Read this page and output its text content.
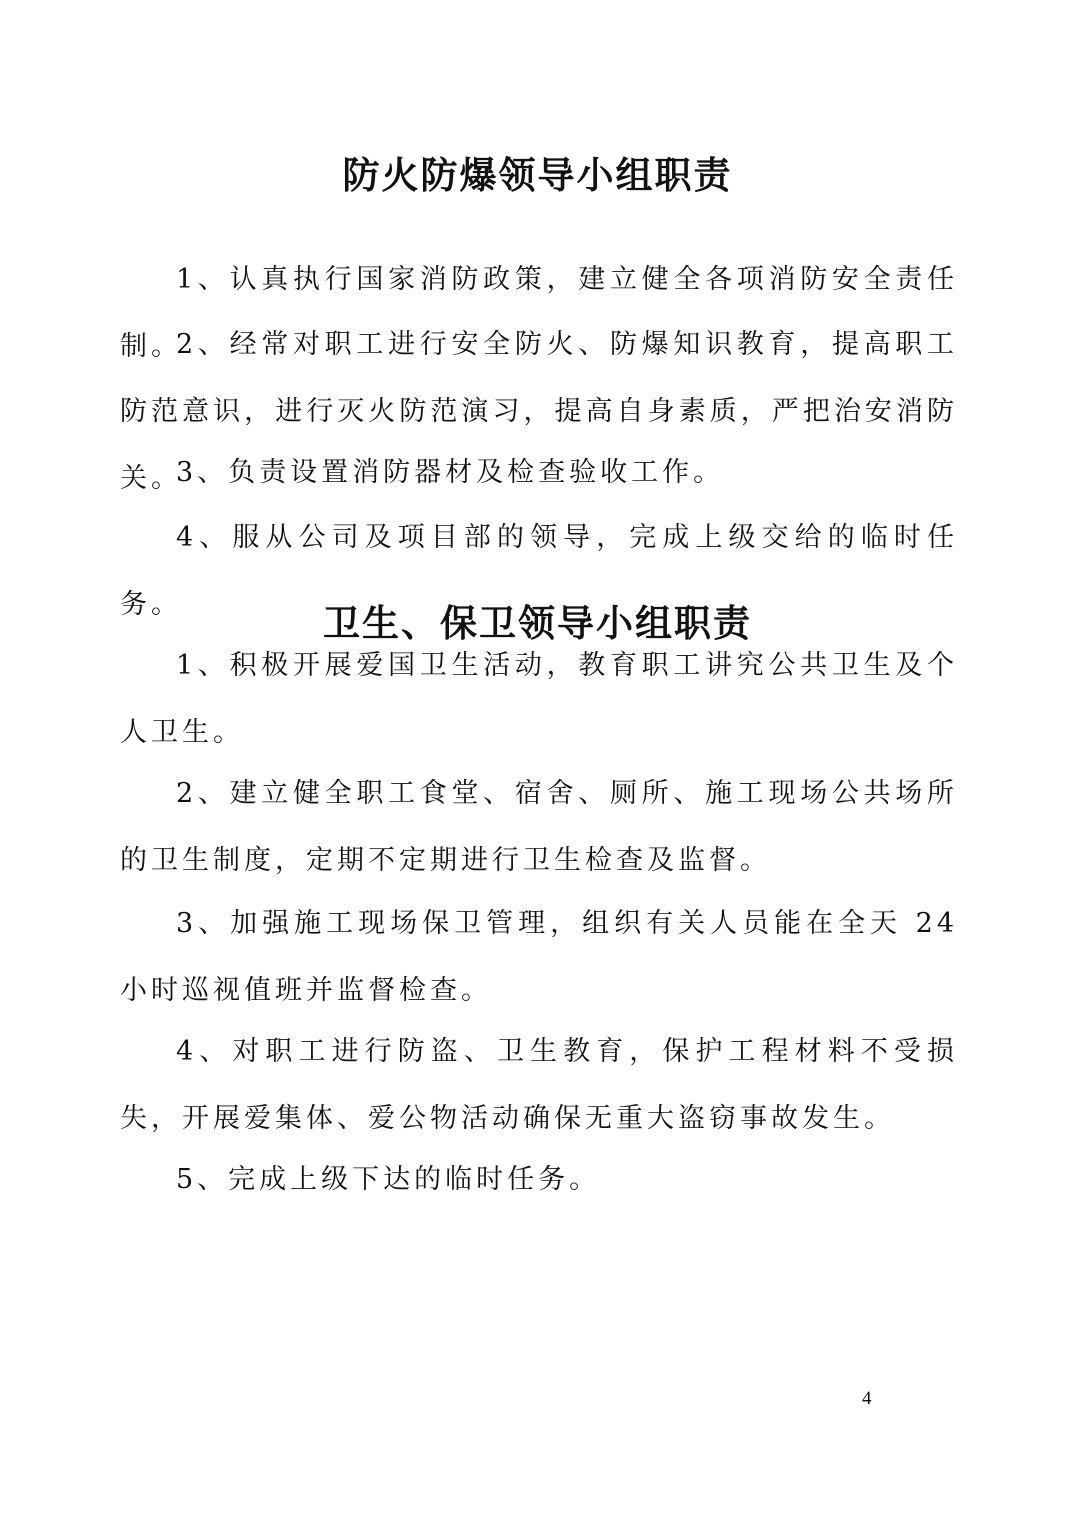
防火防爆领导小组职责

1、认真执行国家消防政策，建立健全各项消防安全责任制。

2、经常对职工进行安全防火、防爆知识教育，提高职工防范意识，进行灭火防范演习，提高自身素质，严把治安消防关。

3、负责设置消防器材及检查验收工作。

4、服从公司及项目部的领导，完成上级交给的临时任务。	卫生、保卫领导小组职责

1、积极开展爱国卫生活动，教育职工讲究公共卫生及个人卫生。

2、建立健全职工食堂、宿舍、厕所、施工现场公共场所的卫生制度，定期不定期进行卫生检查及监督。

3、加强施工现场保卫管理，组织有关人员能在全天 24 小时巡视值班并监督检查。

4、对职工进行防盗、卫生教育，保护工程材料不受损失，开展爱集体、爱公物活动确保无重大盗窃事故发生。

5、完成上级下达的临时任务。

4
